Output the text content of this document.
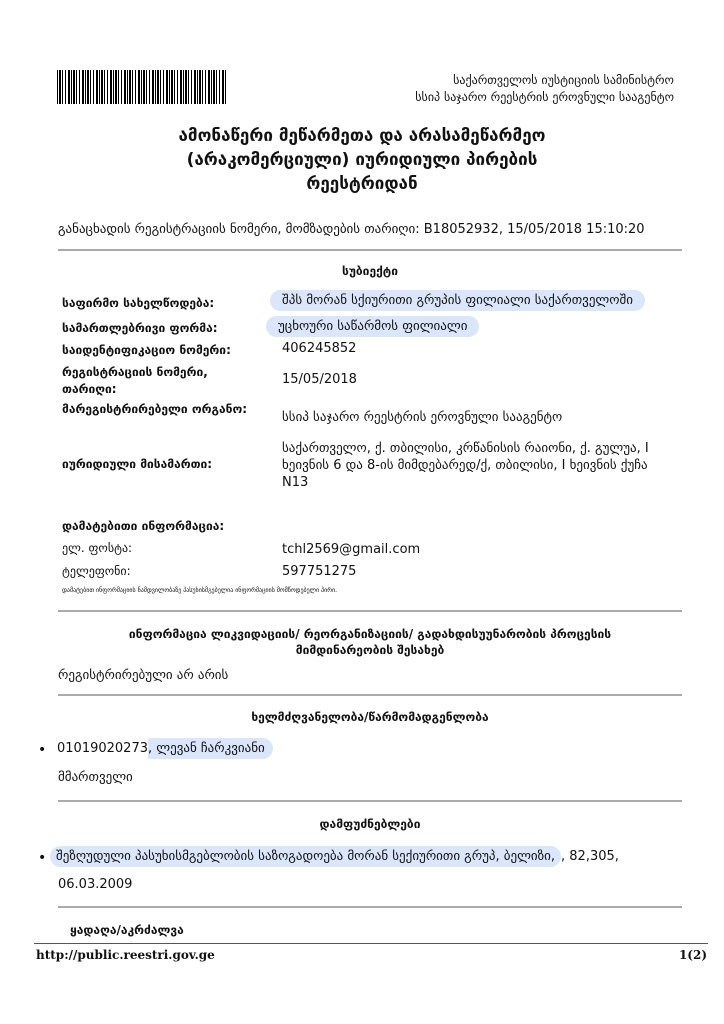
საქართველოს იუსტიციის სამინისტრო
სსიპ საჯარო რეესტრის ეროვნული სააგენტო
ამონაწერი მეწარმეთა და არასამეწარმეო
(არაკომერციული) იურიდიული პირების
რეესტრიდან
განაცხადის რეგისტრაციის ნომერი, მომზადების თარიღი: B18052932, 15/05/2018 15:10:20
სუბიექტი
საფირმო სახელწოდება:	შპს მორან სქიურითი გრუპის ფილიალი საქართველოში
სამართლებრივი ფორმა:	უცხოური საწარმოს ფილიალი
საიდენტიფიკაციო ნომერი:	406245852
რეგისტრაციის ნომერი, თარიღი:
15/05/2018
მარეგისტრირებელი ორგანო:
სსიპ საჯარო რეესტრის ეროვნული სააგენტო
იურიდიული მისამართი:
საქართველო, ქ. თბილისი, კრწანისის რაიონი, ქ. გულუა, I ხეივნის 6 და 8-ის მიმდებარედ/ქ, თბილისი, I ხეივნის ქუჩა N13
დამატებითი ინფორმაცია:
ელ. ფოსტა:	tchl2569@gmail.com
ტელეფონი:	597751275
დამატებით ინფორმაციის ნამდვილობაზე პასუხისმგებელია ინფორმაციის მომწოდებელი პირი.
ინფორმაცია ლიკვიდაციის/ რეორგანიზაციის/ გადახდისუუნარობის პროცესის
მიმდინარეობის შესახებ
რეგისტრირებული არ არის
ხელმძღვანელობა/წარმომადგენლობა
• 01019020273, ლევან ჩარკვიანი
მმართველი
დამფუძნებლები
• შეზღუდული პასუხისმგებლობის საზოგადოება მორან სექიურითი გრუპ, ბელიზი, , 82,305,
06.03.2009
ყადაღა/აკრძალვა
http://public.reestri.gov.ge	1(2)
